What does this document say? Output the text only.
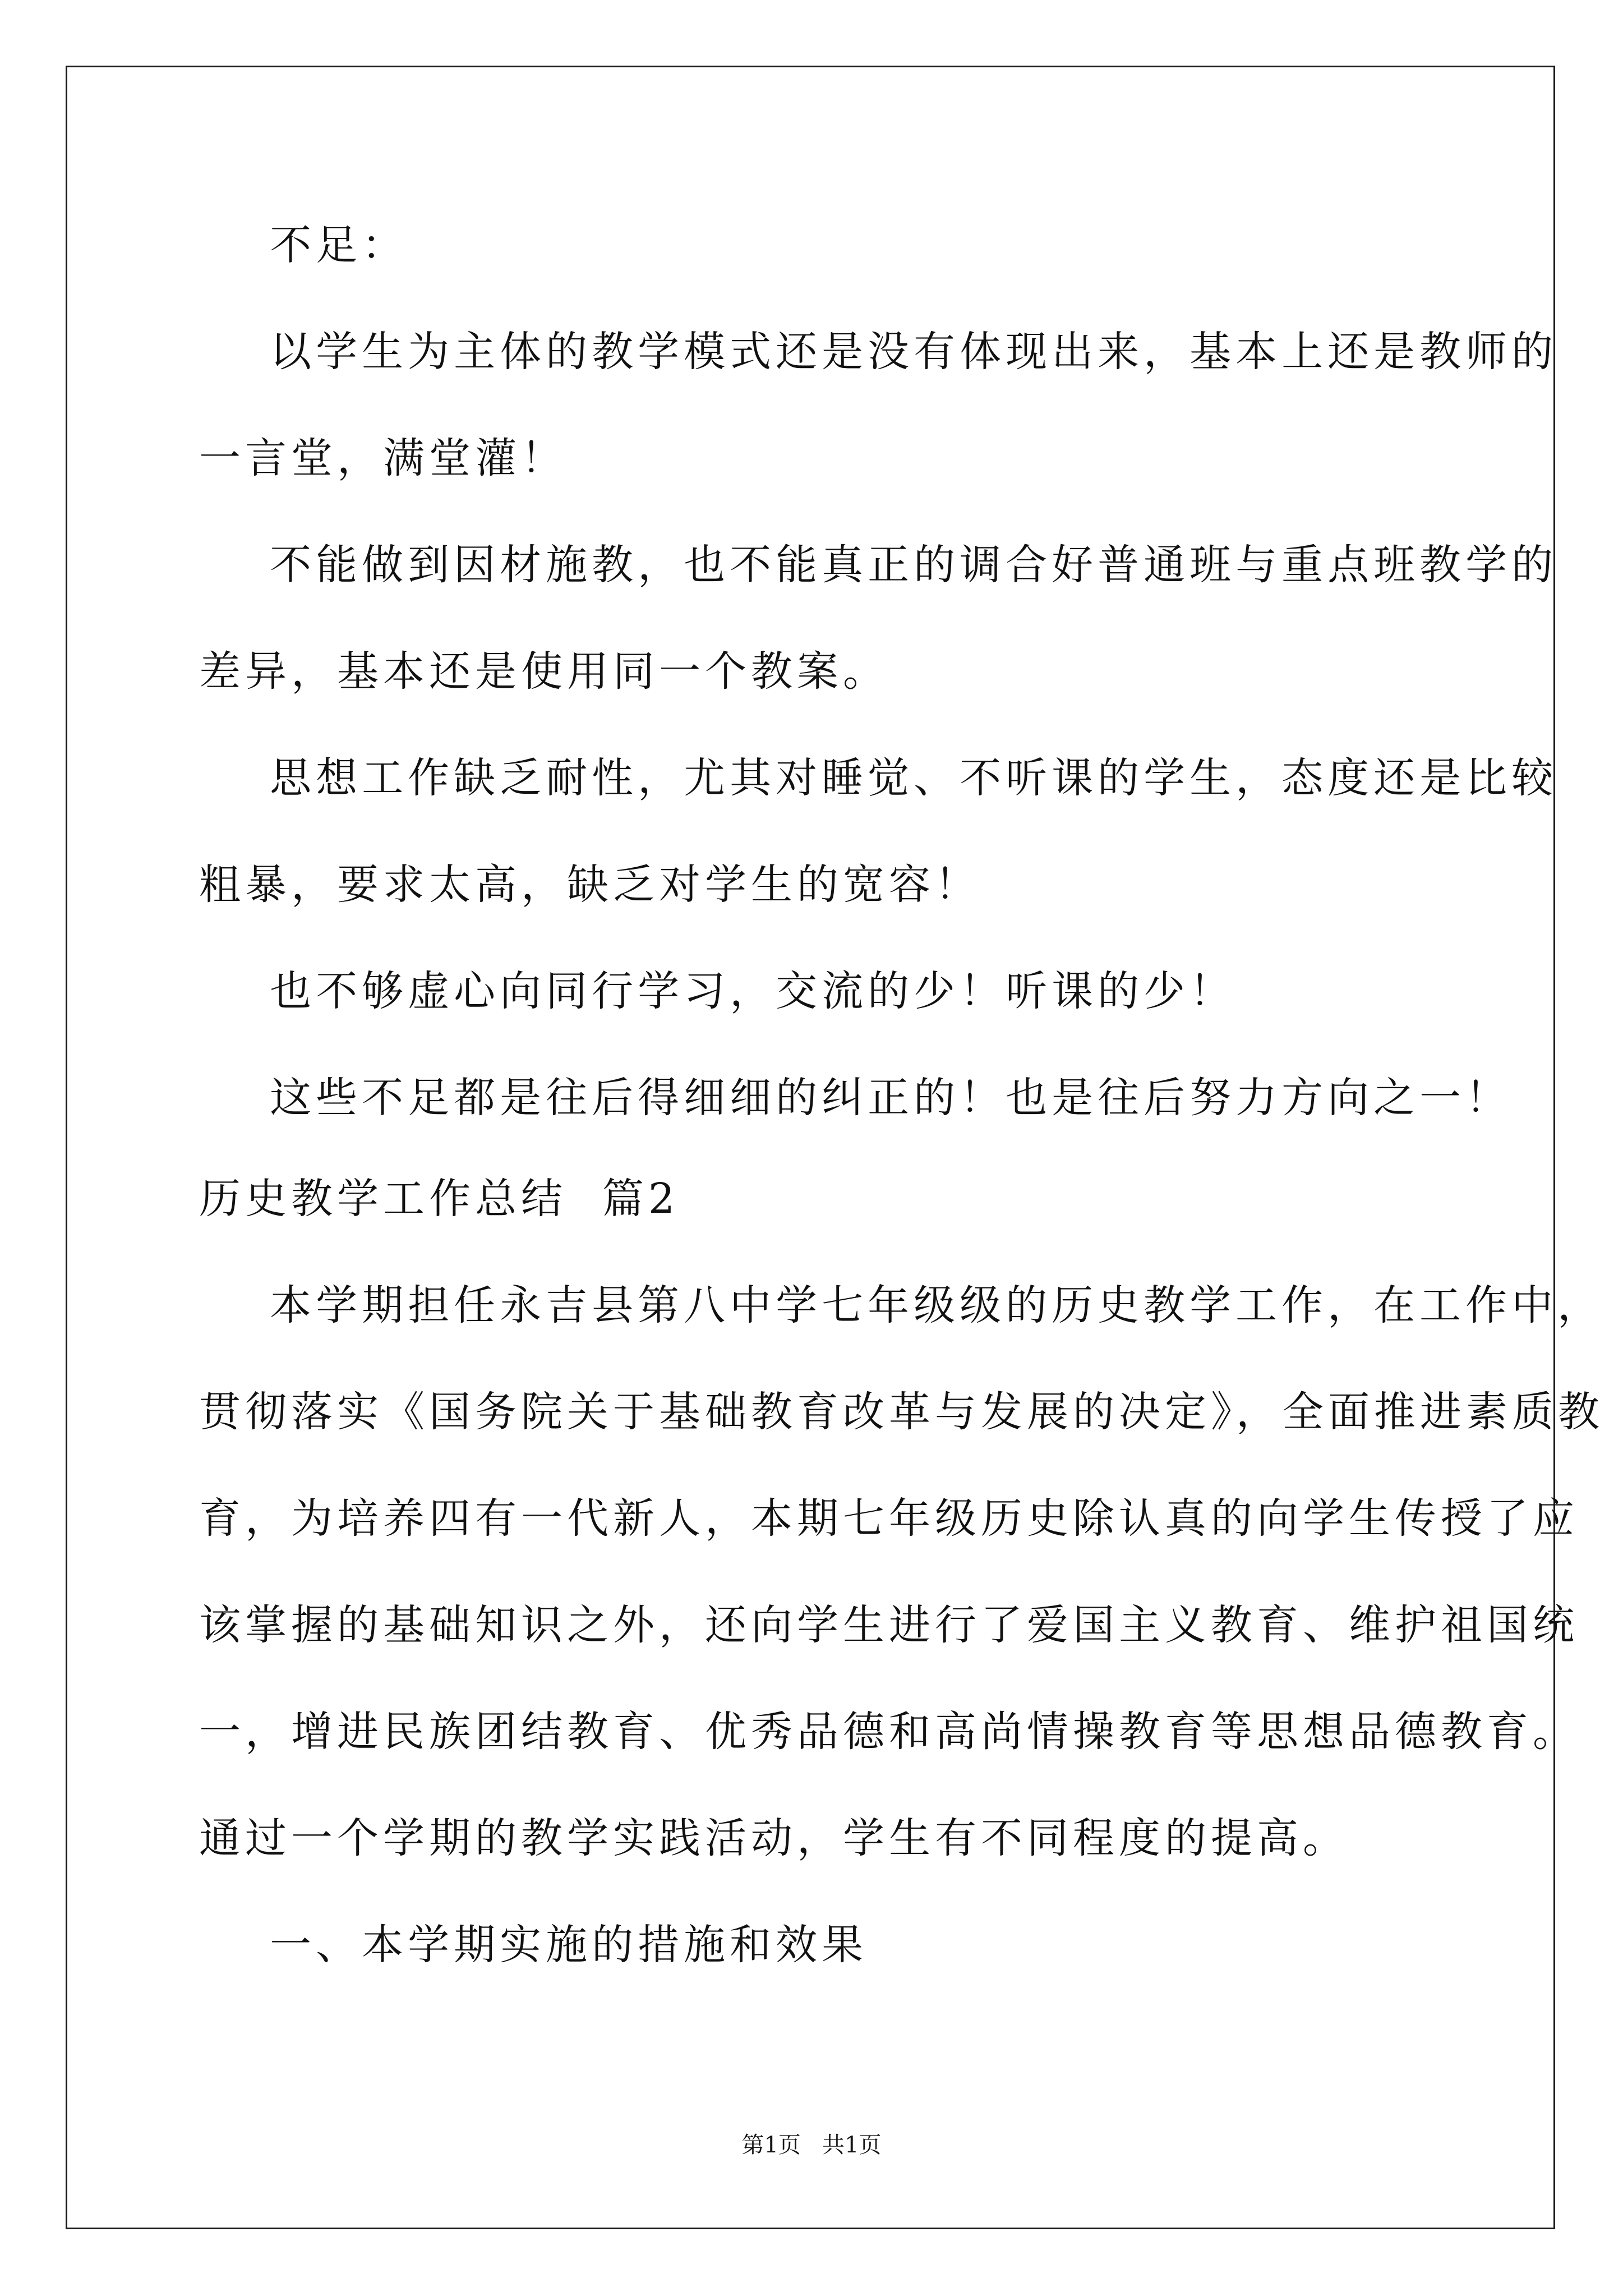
不足：
以学生为主体的教学模式还是没有体现出来，基本上还是教师的
一言堂，满堂灌！
不能做到因材施教，也不能真正的调合好普通班与重点班教学的
差异，基本还是使用同一个教案。
思想工作缺乏耐性，尤其对睡觉、不听课的学生，态度还是比较
粗暴，要求太高，缺乏对学生的宽容！
也不够虚心向同行学习，交流的少！听课的少！
这些不足都是往后得细细的纠正的！也是往后努力方向之一！
历史教学工作总结  篇2
本学期担任永吉县第八中学七年级级的历史教学工作，在工作中，
贯彻落实《国务院关于基础教育改革与发展的决定》，全面推进素质教
育，为培养四有一代新人，本期七年级历史除认真的向学生传授了应
该掌握的基础知识之外，还向学生进行了爱国主义教育、维护祖国统
一，增进民族团结教育、优秀品德和高尚情操教育等思想品德教育。
通过一个学期的教学实践活动，学生有不同程度的提高。
一、本学期实施的措施和效果
第1页   共1页
